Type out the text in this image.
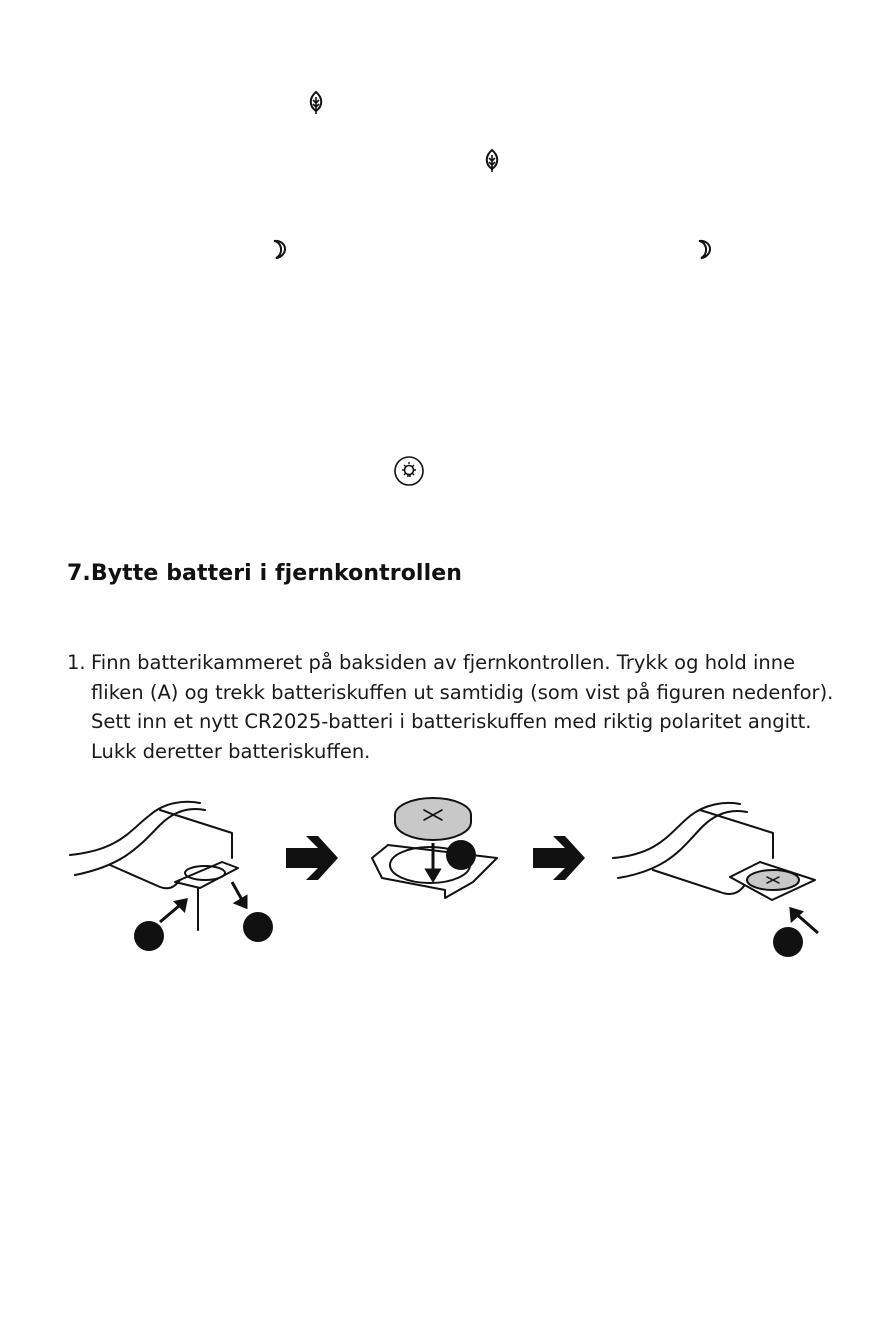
7.Bytte batteri i fjernkontrollen
1. Finn batterikammeret på baksiden av fjernkontrollen. Trykk og hold inne
fliken (A) og trekk batteriskuffen ut samtidig (som vist på figuren nedenfor).
Sett inn et nytt CR2025-batteri i batteriskuffen med riktig polaritet angitt.
Lukk deretter batteriskuffen.
